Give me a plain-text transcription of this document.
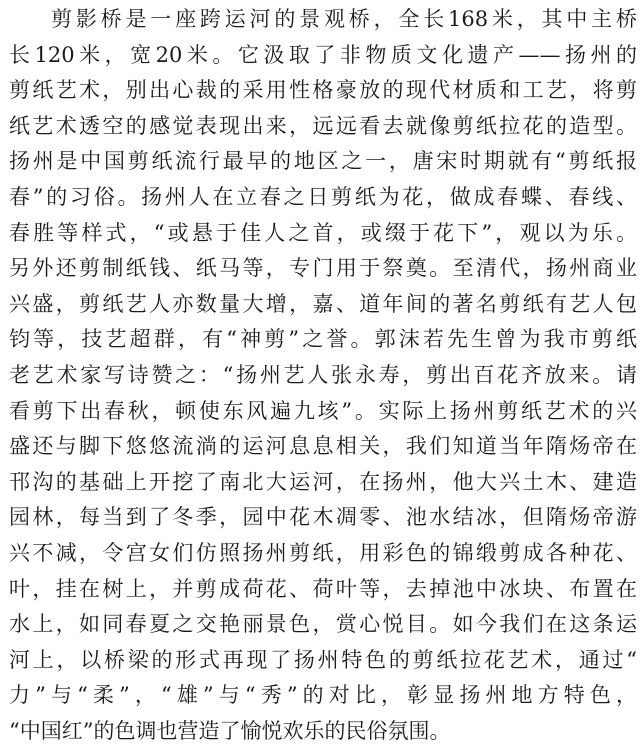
剪影桥是一座跨运河的景观桥，全长168米，其中主桥
长120米，宽20米。它汲取了非物质文化遗产——扬州的
剪纸艺术，别出心裁的采用性格豪放的现代材质和工艺，将剪
纸艺术透空的感觉表现出来，远远看去就像剪纸拉花的造型。
扬州是中国剪纸流行最早的地区之一，唐宋时期就有“剪纸报
春”的习俗。扬州人在立春之日剪纸为花，做成春蝶、春线、
春胜等样式，“或悬于佳人之首，或缀于花下”，观以为乐。
另外还剪制纸钱、纸马等，专门用于祭奠。至清代，扬州商业
兴盛，剪纸艺人亦数量大增，嘉、道年间的著名剪纸有艺人包
钧等，技艺超群，有“神剪”之誉。郭沫若先生曾为我市剪纸
老艺术家写诗赞之：“扬州艺人张永寿，剪出百花齐放来。请
看剪下出春秋，顿使东风遍九垓”。实际上扬州剪纸艺术的兴
盛还与脚下悠悠流淌的运河息息相关，我们知道当年隋炀帝在
邗沟的基础上开挖了南北大运河，在扬州，他大兴土木、建造
园林，每当到了冬季，园中花木凋零、池水结冰，但隋炀帝游
兴不减，令宫女们仿照扬州剪纸，用彩色的锦缎剪成各种花、
叶，挂在树上，并剪成荷花、荷叶等，去掉池中冰块、布置在
水上，如同春夏之交艳丽景色，赏心悦目。如今我们在这条运
河上，以桥梁的形式再现了扬州特色的剪纸拉花艺术，通过“
力”与“柔”，“雄”与“秀”的对比，彰显扬州地方特色，
“中国红”的色调也营造了愉悦欢乐的民俗氛围。
